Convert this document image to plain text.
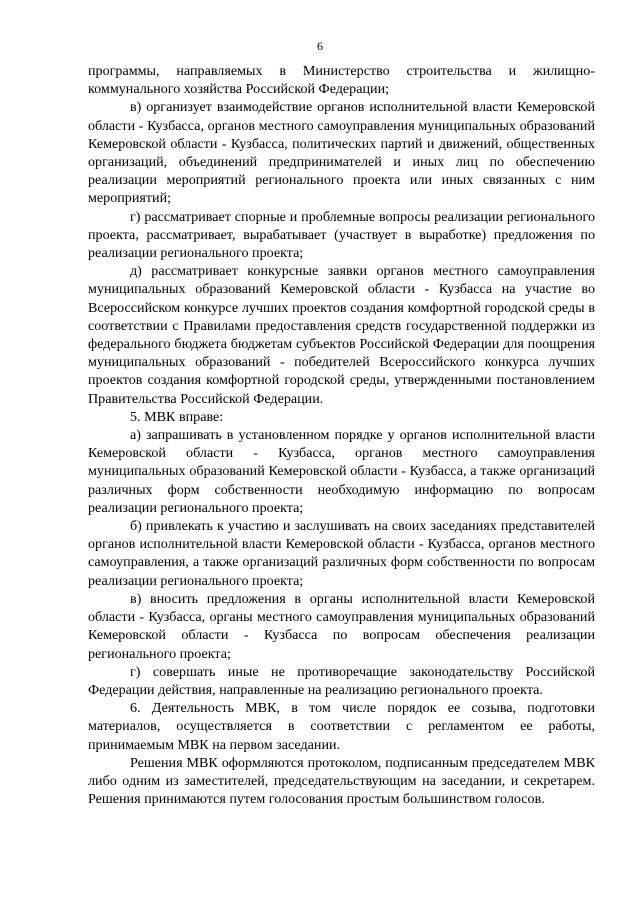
6

программы, направляемых в Министерство строительства и жилищно-коммунального хозяйства Российской Федерации;

в) организует взаимодействие органов исполнительной власти Кемеровской области - Кузбасса, органов местного самоуправления муниципальных образований Кемеровской области - Кузбасса, политических партий и движений, общественных организаций, объединений предпринимателей и иных лиц по обеспечению реализации мероприятий регионального проекта или иных связанных с ним мероприятий;

г) рассматривает спорные и проблемные вопросы реализации регионального проекта, рассматривает, вырабатывает (участвует в выработке) предложения по реализации регионального проекта;

д) рассматривает конкурсные заявки органов местного самоуправления муниципальных образований Кемеровской области - Кузбасса на участие во Всероссийском конкурсе лучших проектов создания комфортной городской среды в соответствии с Правилами предоставления средств государственной поддержки из федерального бюджета бюджетам субъектов Российской Федерации для поощрения муниципальных образований - победителей Всероссийского конкурса лучших проектов создания комфортной городской среды, утвержденными постановлением Правительства Российской Федерации.

5. МВК вправе:

а) запрашивать в установленном порядке у органов исполнительной власти Кемеровской области - Кузбасса, органов местного самоуправления муниципальных образований Кемеровской области - Кузбасса, а также организаций различных форм собственности необходимую информацию по вопросам реализации регионального проекта;

б) привлекать к участию и заслушивать на своих заседаниях представителей органов исполнительной власти Кемеровской области - Кузбасса, органов местного самоуправления, а также организаций различных форм собственности по вопросам реализации регионального проекта;

в) вносить предложения в органы исполнительной власти Кемеровской области - Кузбасса, органы местного самоуправления муниципальных образований Кемеровской области - Кузбасса по вопросам обеспечения реализации регионального проекта;

г) совершать иные не противоречащие законодательству Российской Федерации действия, направленные на реализацию регионального проекта.

6. Деятельность МВК, в том числе порядок ее созыва, подготовки материалов, осуществляется в соответствии с регламентом ее работы, принимаемым МВК на первом заседании.

Решения МВК оформляются протоколом, подписанным председателем МВК либо одним из заместителей, председательствующим на заседании, и секретарем. Решения принимаются путем голосования простым большинством голосов.
